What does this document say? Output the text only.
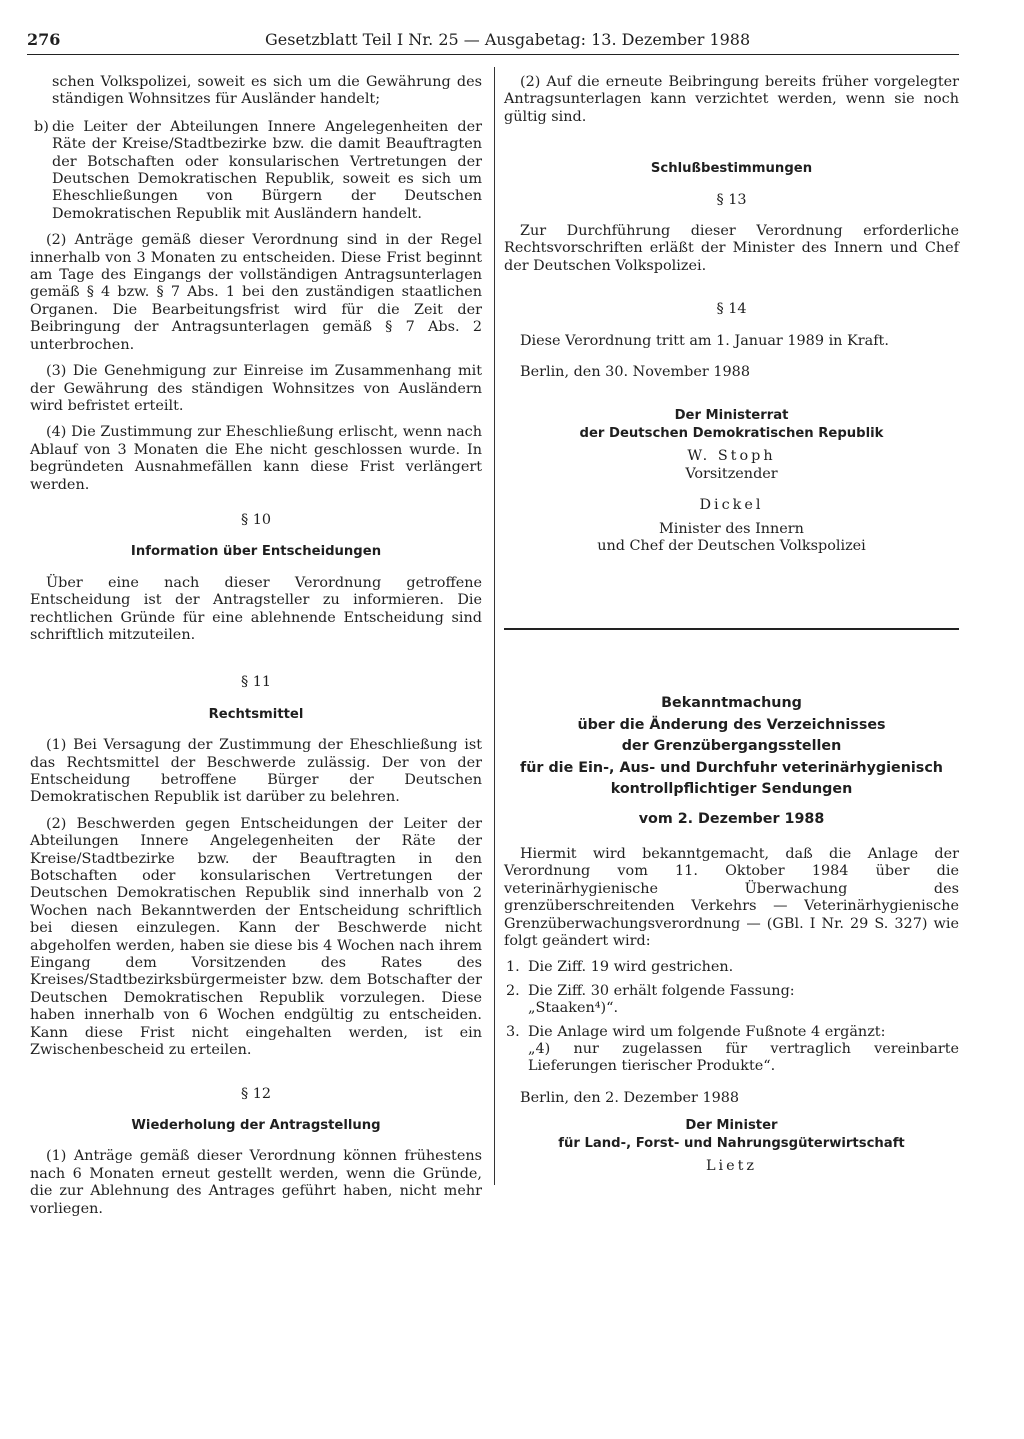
276	Gesetzblatt Teil I Nr. 25 — Ausgabetag: 13. Dezember 1988

schen Volkspolizei, soweit es sich um die Gewährung des ständigen Wohnsitzes für Ausländer handelt;

b) die Leiter der Abteilungen Innere Angelegenheiten der Räte der Kreise/Stadtbezirke bzw. die damit Beauftragten der Botschaften oder konsularischen Vertretungen der Deutschen Demokratischen Republik, soweit es sich um Eheschließungen von Bürgern der Deutschen Demokratischen Republik mit Ausländern handelt.

(2) Anträge gemäß dieser Verordnung sind in der Regel innerhalb von 3 Monaten zu entscheiden. Diese Frist beginnt am Tage des Eingangs der vollständigen Antragsunterlagen gemäß § 4 bzw. § 7 Abs. 1 bei den zuständigen staatlichen Organen. Die Bearbeitungsfrist wird für die Zeit der Beibringung der Antragsunterlagen gemäß § 7 Abs. 2 unterbrochen.

(3) Die Genehmigung zur Einreise im Zusammenhang mit der Gewährung des ständigen Wohnsitzes von Ausländern wird befristet erteilt.

(4) Die Zustimmung zur Eheschließung erlischt, wenn nach Ablauf von 3 Monaten die Ehe nicht geschlossen wurde. In begründeten Ausnahmefällen kann diese Frist verlängert werden.

§ 10
Information über Entscheidungen

Über eine nach dieser Verordnung getroffene Entscheidung ist der Antragsteller zu informieren. Die rechtlichen Gründe für eine ablehnende Entscheidung sind schriftlich mitzuteilen.

§ 11
Rechtsmittel

(1) Bei Versagung der Zustimmung der Eheschließung ist das Rechtsmittel der Beschwerde zulässig. Der von der Entscheidung betroffene Bürger der Deutschen Demokratischen Republik ist darüber zu belehren.

(2) Beschwerden gegen Entscheidungen der Leiter der Abteilungen Innere Angelegenheiten der Räte der Kreise/Stadtbezirke bzw. der Beauftragten in den Botschaften oder konsularischen Vertretungen der Deutschen Demokratischen Republik sind innerhalb von 2 Wochen nach Bekanntwerden der Entscheidung schriftlich bei diesen einzulegen. Kann der Beschwerde nicht abgeholfen werden, haben sie diese bis 4 Wochen nach ihrem Eingang dem Vorsitzenden des Rates des Kreises/Stadtbezirksbürgermeister bzw. dem Botschafter der Deutschen Demokratischen Republik vorzulegen. Diese haben innerhalb von 6 Wochen endgültig zu entscheiden. Kann diese Frist nicht eingehalten werden, ist ein Zwischenbescheid zu erteilen.

§ 12
Wiederholung der Antragstellung

(1) Anträge gemäß dieser Verordnung können frühestens nach 6 Monaten erneut gestellt werden, wenn die Gründe, die zur Ablehnung des Antrages geführt haben, nicht mehr vorliegen.

(2) Auf die erneute Beibringung bereits früher vorgelegter Antragsunterlagen kann verzichtet werden, wenn sie noch gültig sind.

Schlußbestimmungen
§ 13

Zur Durchführung dieser Verordnung erforderliche Rechtsvorschriften erläßt der Minister des Innern und Chef der Deutschen Volkspolizei.

§ 14

Diese Verordnung tritt am 1. Januar 1989 in Kraft.

Berlin, den 30. November 1988

Der Ministerrat
der Deutschen Demokratischen Republik
W. Stoph
Vorsitzender
Dickel
Minister des Innern
und Chef der Deutschen Volkspolizei
Bekanntmachung
über die Änderung des Verzeichnisses
der Grenzübergangsstellen
für die Ein-, Aus- und Durchfuhr veterinärhygienisch
kontrollpflichtiger Sendungen
vom 2. Dezember 1988

Hiermit wird bekanntgemacht, daß die Anlage der Verordnung vom 11. Oktober 1984 über die veterinärhygienische Überwachung des grenzüberschreitenden Verkehrs — Veterinärhygienische Grenzüberwachungsverordnung — (GBl. I Nr. 29 S. 327) wie folgt geändert wird:

1. Die Ziff. 19 wird gestrichen.

2. Die Ziff. 30 erhält folgende Fassung:

„Staaken⁴)“.

3. Die Anlage wird um folgende Fußnote 4 ergänzt:

„4) nur zugelassen für vertraglich vereinbarte Lieferungen tierischer Produkte“.

Berlin, den 2. Dezember 1988

Der Minister
für Land-, Forst- und Nahrungsgüterwirtschaft
Lietz
